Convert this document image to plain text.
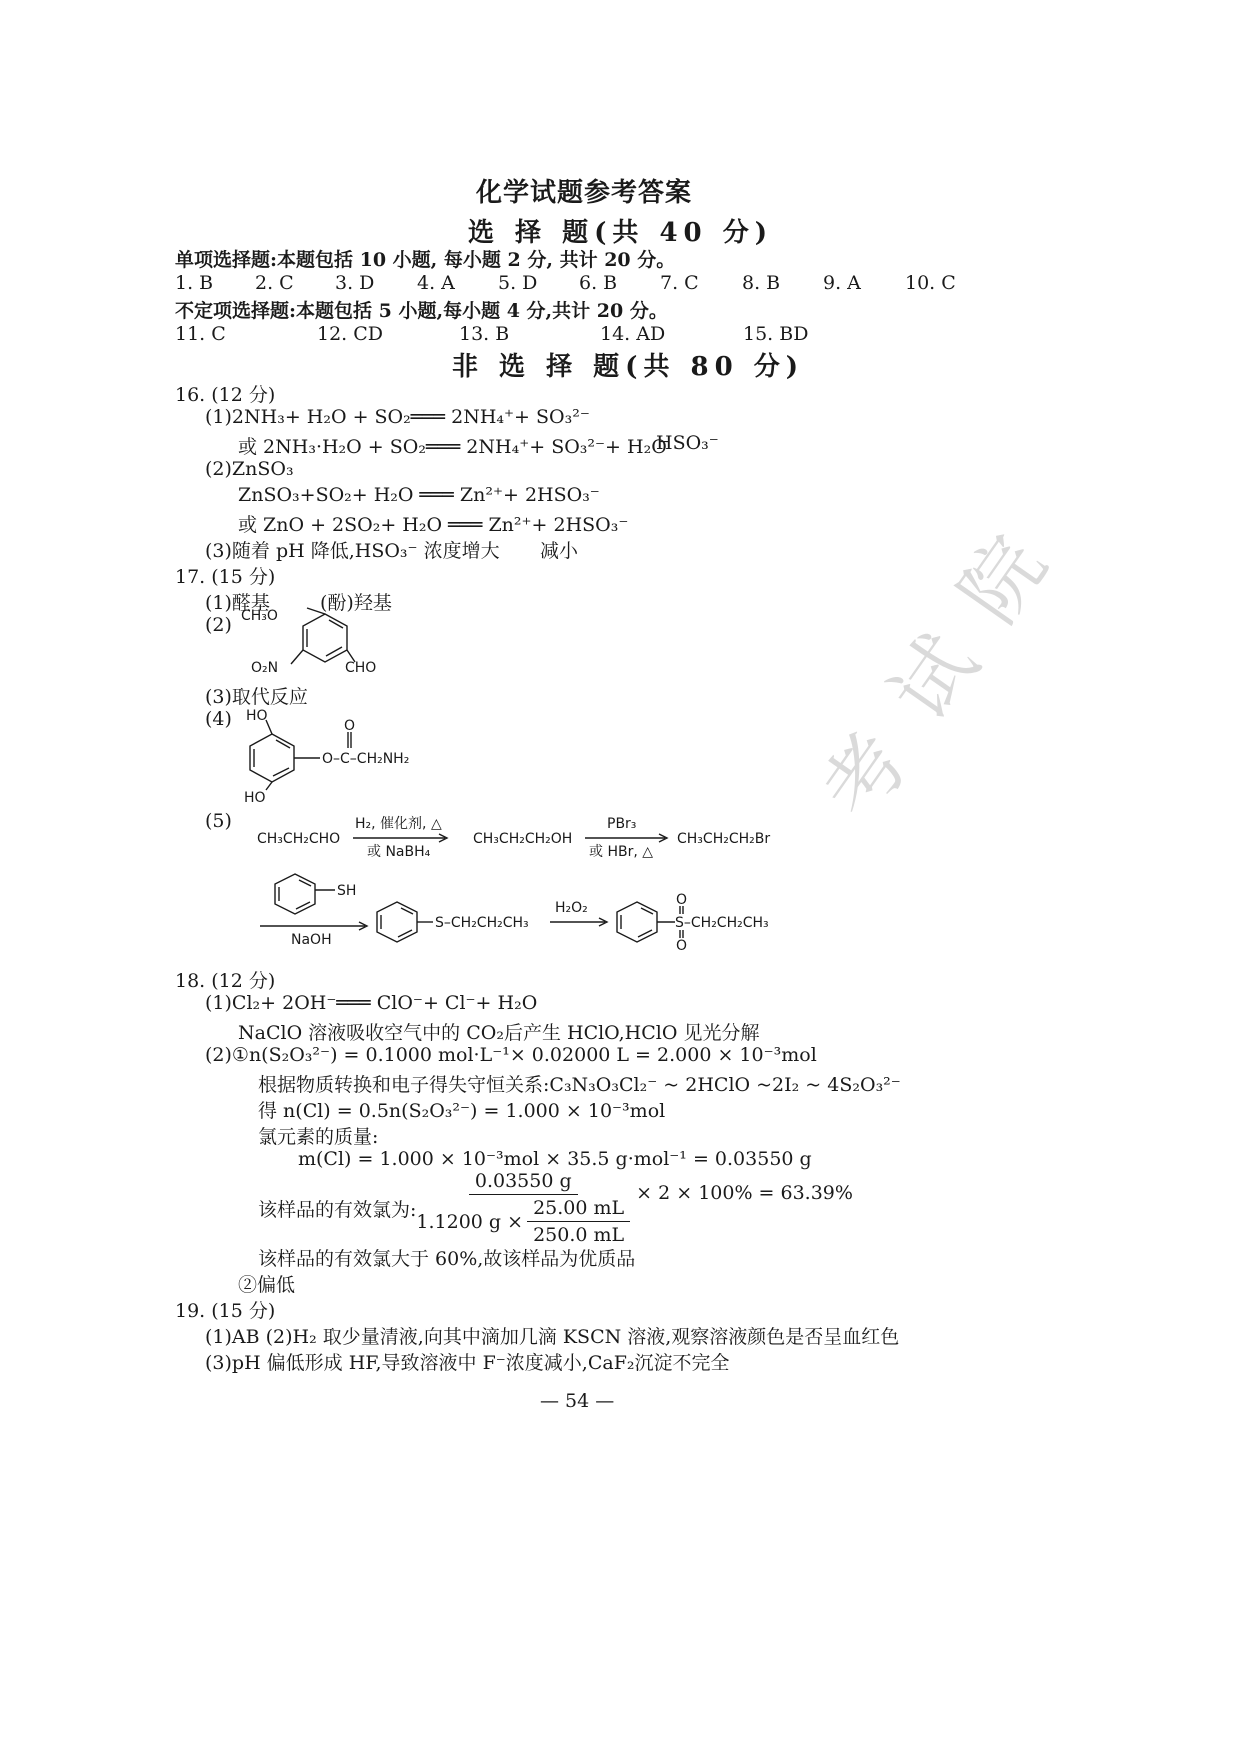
考试院
化学试题参考答案
选 择 题(共 40 分)
单项选择题:本题包括 10 小题, 每小题 2 分, 共计 20 分。
1. B 2. C 3. D 4. A 5. D 6. B 7. C 8. B 9. A 10. C
不定项选择题:本题包括 5 小题,每小题 4 分,共计 20 分。
11. C	12. CD	13. B	14. AD	15. BD
非 选 择 题(共 80 分)
16. (12 分)
(1)2NH₃+ H₂O + SO₂═══ 2NH₄⁺+ SO₃²⁻
或 2NH₃·H₂O + SO₂═══ 2NH₄⁺+ SO₃²⁻+ H₂O
HSO₃⁻
(2)ZnSO₃
ZnSO₃+SO₂+ H₂O ═══ Zn²⁺+ 2HSO₃⁻
或 ZnO + 2SO₂+ H₂O ═══ Zn²⁺+ 2HSO₃⁻
(3)随着 pH 降低,HSO₃⁻ 浓度增大 减小
17. (15 分)
(1)醛基	(酚)羟基
(2) CH₃O
O₂N	CHO
(3)取代反应
(4) HO
HO
O–C–CH₂NH₂
O
(5)
CH₃CH₂CHO
H₂, 催化剂, △
或 NaBH₄
CH₃CH₂CH₂OH
PBr₃
或 HBr, △
CH₃CH₂CH₂Br
SH
NaOH
S–CH₂CH₂CH₃
H₂O₂
S–CH₂CH₂CH₃
O
O
18. (12 分)
(1)Cl₂+ 2OH⁻═══ ClO⁻+ Cl⁻+ H₂O
NaClO 溶液吸收空气中的 CO₂后产生 HClO,HClO 见光分解
(2)①n(S₂O₃²⁻) = 0.1000 mol·L⁻¹× 0.02000 L = 2.000 × 10⁻³mol
根据物质转换和电子得失守恒关系:C₃N₃O₃Cl₂⁻ ~ 2HClO ~2I₂ ~ 4S₂O₃²⁻
得 n(Cl) = 0.5n(S₂O₃²⁻) = 1.000 × 10⁻³mol
氯元素的质量:
m(Cl) = 1.000 × 10⁻³mol × 35.5 g·mol⁻¹ = 0.03550 g
该样品的有效氯为: $\frac{0.03550 g}{1.1200 g \times \frac{25.00 mL}{250.0 mL}} \times 2 \times 100\% = 63.39\%$
该样品的有效氯大于 60%,故该样品为优质品
②偏低
19. (15 分)
(1)AB (2)H₂ 取少量清液,向其中滴加几滴 KSCN 溶液,观察溶液颜色是否呈血红色
(3)pH 偏低形成 HF,导致溶液中 F⁻浓度减小,CaF₂沉淀不完全
— 54 —
